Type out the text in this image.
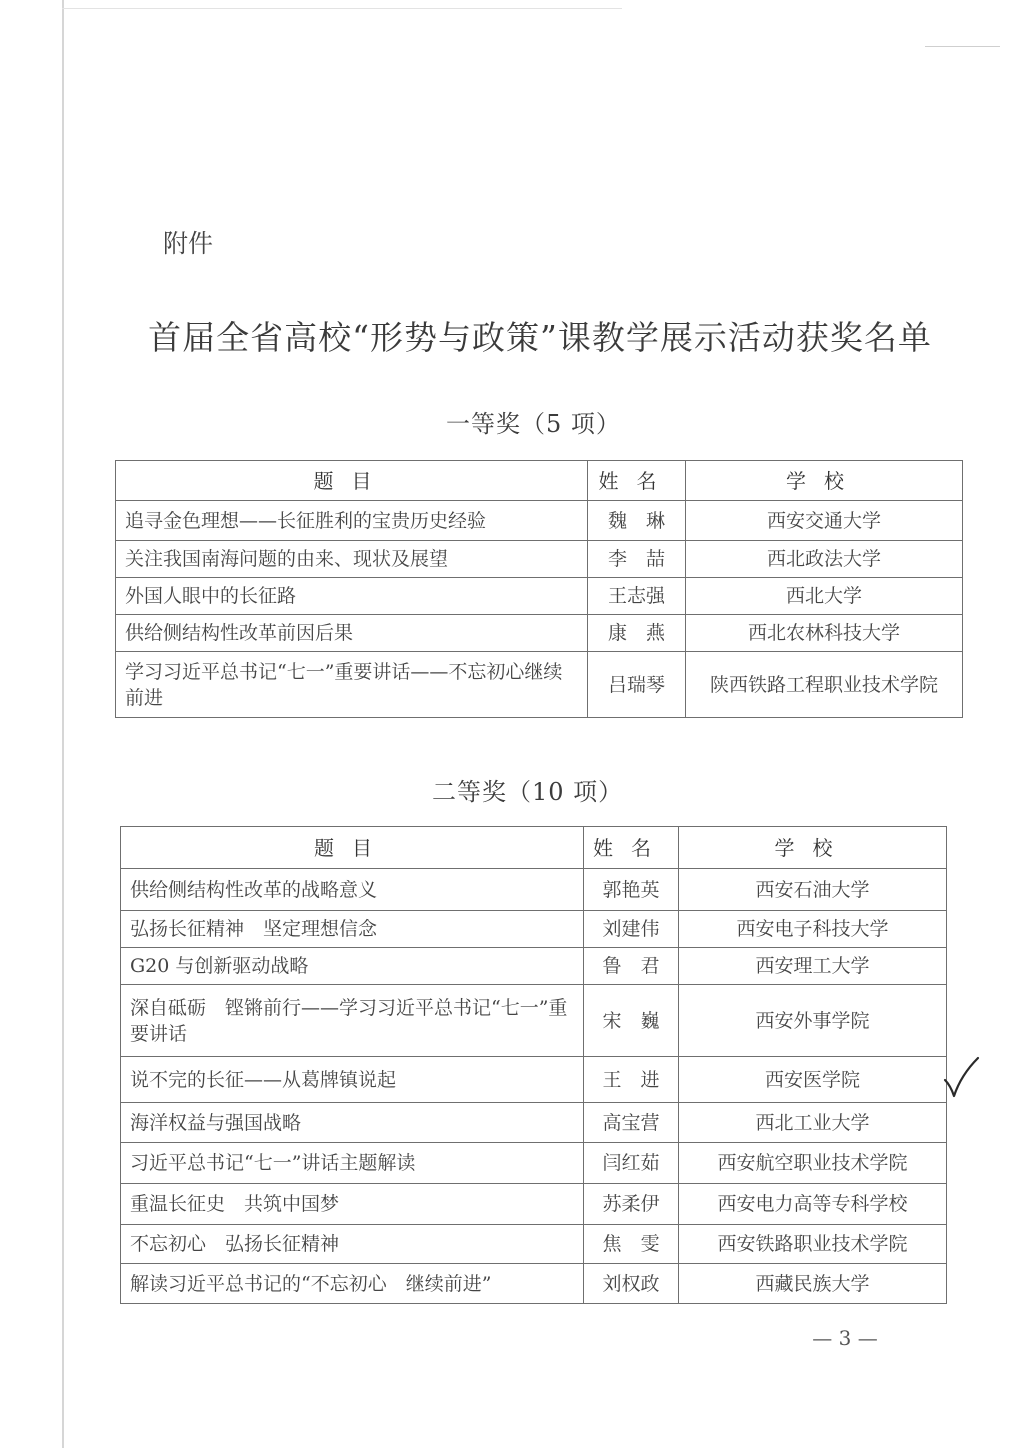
附件
首届全省高校“形势与政策”课教学展示活动获奖名单
一等奖（5 项）
题目	姓名	学校
追寻金色理想——长征胜利的宝贵历史经验	魏　琳	西安交通大学
关注我国南海问题的由来、现状及展望	李　喆	西北政法大学
外国人眼中的长征路	王志强	西北大学
供给侧结构性改革前因后果	康　燕	西北农林科技大学
学习习近平总书记“七一”重要讲话——不忘初心继续前进	吕瑞琴	陕西铁路工程职业技术学院
二等奖（10 项）
题目	姓名	学校
供给侧结构性改革的战略意义	郭艳英	西安石油大学
弘扬长征精神　坚定理想信念	刘建伟	西安电子科技大学
G20 与创新驱动战略	鲁　君	西安理工大学
深自砥砺　铿锵前行——学习习近平总书记“七一”重要讲话	宋　巍	西安外事学院
说不完的长征——从葛牌镇说起	王　进	西安医学院
海洋权益与强国战略	高宝营	西北工业大学
习近平总书记“七一”讲话主题解读	闫红茹	西安航空职业技术学院
重温长征史　共筑中国梦	苏柔伊	西安电力高等专科学校
不忘初心　弘扬长征精神	焦　雯	西安铁路职业技术学院
解读习近平总书记的“不忘初心　继续前进”	刘权政	西藏民族大学
— 3 —
